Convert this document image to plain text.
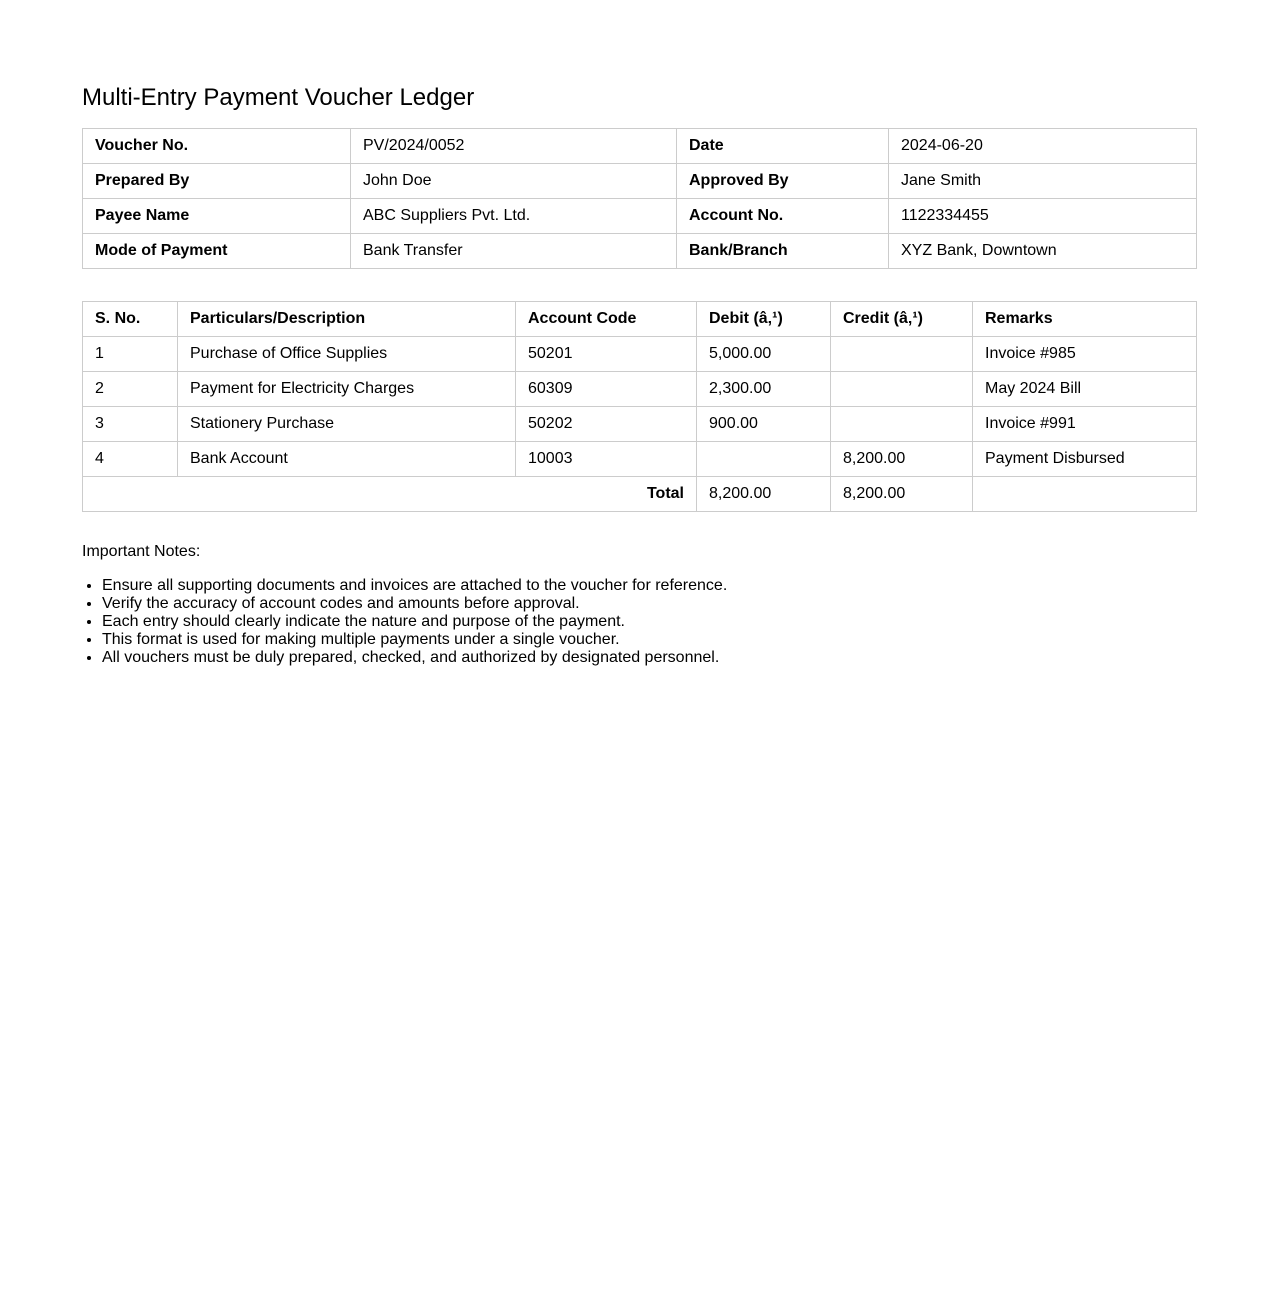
Multi-Entry Payment Voucher Ledger
Voucher No.	PV/2024/0052	Date	2024-06-20
Prepared By	John Doe	Approved By	Jane Smith
Payee Name	ABC Suppliers Pvt. Ltd.	Account No.	1122334455
Mode of Payment	Bank Transfer	Bank/Branch	XYZ Bank, Downtown
S. No.	Particulars/Description	Account Code	Debit (â‚¹)	Credit (â‚¹)	Remarks
1	Purchase of Office Supplies	50201	5,000.00		Invoice #985
2	Payment for Electricity Charges	60309	2,300.00		May 2024 Bill
3	Stationery Purchase	50202	900.00		Invoice #991
4	Bank Account	10003		8,200.00	Payment Disbursed
Total			8,200.00	8,200.00	

Important Notes:

• Ensure all supporting documents and invoices are attached to the voucher for reference.
• Verify the accuracy of account codes and amounts before approval.
• Each entry should clearly indicate the nature and purpose of the payment.
• This format is used for making multiple payments under a single voucher.
• All vouchers must be duly prepared, checked, and authorized by designated personnel.
